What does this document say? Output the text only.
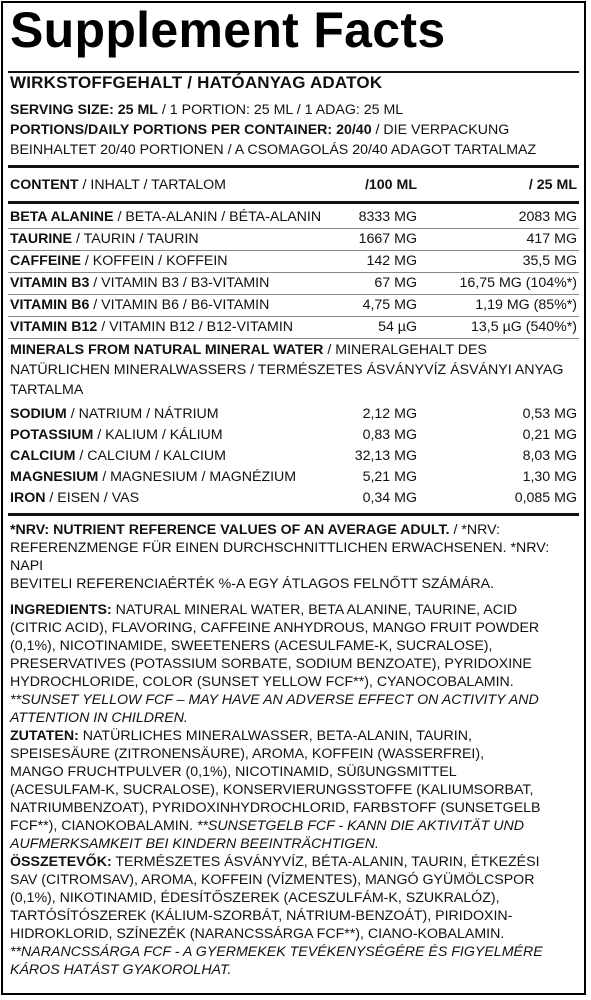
Supplement Facts
WIRKSTOFFGEHALT / HATÓANYAG ADATOK
SERVING SIZE: 25 ML / 1 PORTION: 25 ML / 1 ADAG: 25 ML
PORTIONS/DAILY PORTIONS PER CONTAINER: 20/40 / DIE VERPACKUNG
BEINHALTET 20/40 PORTIONEN / A CSOMAGOLÁS 20/40 ADAGOT TARTALMAZ
CONTENT / INHALT / TARTALOM	/100 ML	/ 25 ML
MINERALS FROM NATURAL MINERAL WATER / MINERALGEHALT DES
NATÜRLICHEN MINERALWASSERS / TERMÉSZETES ÁSVÁNYVÍZ ÁSVÁNYI ANYAG
TARTALMA

*NRV: NUTRIENT REFERENCE VALUES OF AN AVERAGE ADULT. / *NRV:

REFERENZMENGE FÜR EINEN DURCHSCHNITTLICHEN ERWACHSENEN. *NRV: NAPI

BEVITELI REFERENCIAÉRTÉK %-A EGY ÁTLAGOS FELNŐTT SZÁMÁRA.

INGREDIENTS: NATURAL MINERAL WATER, BETA ALANINE, TAURINE, ACID

(CITRIC ACID), FLAVORING, CAFFEINE ANHYDROUS, MANGO FRUIT POWDER

(0,1%), NICOTINAMIDE, SWEETENERS (ACESULFAME-K, SUCRALOSE),

PRESERVATIVES (POTASSIUM SORBATE, SODIUM BENZOATE), PYRIDOXINE

HYDROCHLORIDE, COLOR (SUNSET YELLOW FCF**), CYANOCOBALAMIN.

**SUNSET YELLOW FCF – MAY HAVE AN ADVERSE EFFECT ON ACTIVITY AND

ATTENTION IN CHILDREN.

ZUTATEN: NATÜRLICHES MINERALWASSER, BETA-ALANIN, TAURIN,

SPEISESÄURE (ZITRONENSÄURE), AROMA, KOFFEIN (WASSERFREI),

MANGO FRUCHTPULVER (0,1%), NICOTINAMID, SÜßUNGSMITTEL

(ACESULFAM-K, SUCRALOSE), KONSERVIERUNGSSTOFFE (KALIUMSORBAT,

NATRIUMBENZOAT), PYRIDOXINHYDROCHLORID, FARBSTOFF (SUNSETGELB

FCF**), CIANOKOBALAMIN. **SUNSETGELB FCF - KANN DIE AKTIVITÄT UND

AUFMERKSAMKEIT BEI KINDERN BEEINTRÄCHTIGEN.

ÖSSZETEVŐK: TERMÉSZETES ÁSVÁNYVÍZ, BÉTA-ALANIN, TAURIN, ÉTKEZÉSI

SAV (CITROMSAV), AROMA, KOFFEIN (VÍZMENTES), MANGÓ GYÜMÖLCSPOR

(0,1%), NIKOTINAMID, ÉDESÍTŐSZEREK (ACESZULFÁM-K, SZUKRALÓZ),

TARTÓSÍTÓSZEREK (KÁLIUM-SZORBÁT, NÁTRIUM-BENZOÁT), PIRIDOXIN-

HIDROKLORID, SZÍNEZÉK (NARANCSSÁRGA FCF**), CIANO-KOBALAMIN.

**NARANCSSÁRGA FCF - A GYERMEKEK TEVÉKENYSÉGÉRE ÉS FIGYELMÉRE

KÁROS HATÁST GYAKOROLHAT.

BETA ALANINE / BETA-ALANIN / BÉTA-ALANIN	8333 MG	2083 MG
TAURINE / TAURIN / TAURIN	1667 MG	417 MG
CAFFEINE / KOFFEIN / KOFFEIN	142 MG	35,5 MG
VITAMIN B3 / VITAMIN B3 / B3-VITAMIN	67 MG	16,75 MG (104%*)
VITAMIN B6 / VITAMIN B6 / B6-VITAMIN	4,75 MG	1,19 MG (85%*)
VITAMIN B12 / VITAMIN B12 / B12-VITAMIN	54 µG	13,5 µG (540%*)
SODIUM / NATRIUM / NÁTRIUM	2,12 MG	0,53 MG
POTASSIUM / KALIUM / KÁLIUM	0,83 MG	0,21 MG
CALCIUM / CALCIUM / KALCIUM	32,13 MG	8,03 MG
MAGNESIUM / MAGNESIUM / MAGNÉZIUM	5,21 MG	1,30 MG
IRON / EISEN / VAS	0,34 MG	0,085 MG
